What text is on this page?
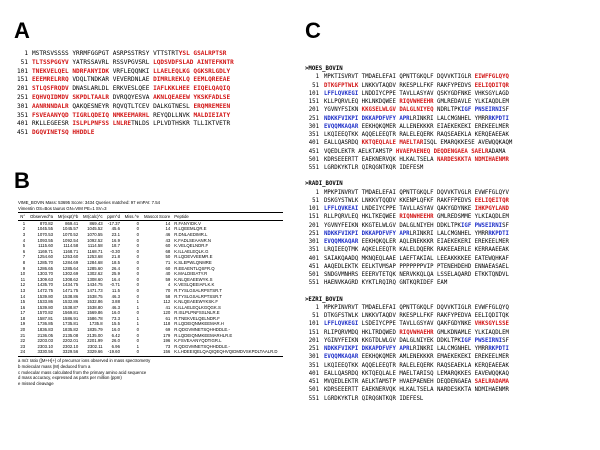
A
B
C
1 MSTRSVSSSS YRRMFGGPGT ASRPSSTRSY VTTSTRTYSL GSALRPTSR
51 TLTSSPGGYV YATRSSAVRL RSSVPGVSRL LQDSVDFSLAD AINTEFKNTR
101 TNEKVELQEL NDRFANYIDK VRFLEQQNKI LLAELEQLKG QGKSRLGDLY
151 EEEMRELRRQ VDQLTNDKAR VEVERDNLAE DIMRLREKLQ EEMLQREEAE
201 STLQSFRQDV DNASLARLDL ERKVESLQEE IAFLKKLHEE EIQELQAQIQ
251 EQHVQIDMDV SKPDLTAALR DVRQQYESVA AKNLQEAEEW YKSKFADLSE
301 AANRNNDALR QAKQESNEYR RQVQTLTCEV DALKGTNESL ERQMREMEEN
351 FSVEAANYQD TIGRLQDEIQ NMKEEMARHL REYQDLLNVK MALDIEIATY
401 RKLLEGEESR ISLPLPNFSS LNLRETNLDS LPLVDTHSKR TLLIKTVETR
451 DGQVINETSQ HHDDLE
VIME_BOVIN Mass: 53695 Score: 3434 Queries matched: 97 emPAI: 7.54
Vimentin OS=Bos taurus GN=VIM PE=1 SV=3
N°	Observed^a	Mr(expt)^b	Mr(calc)^c	ppm^d	Miss.^e	Mascot Score	Peptide
1	870.82	869.41	869.43	-17.37	0	14	R.FANYIDK.V
2	1045.55	1045.57	1045.52	45.6	0	14	R.LQEEMLQR.E
3	1070.53	1070.52	1070.55	23.1	0	46	R.DNLAEDIMR.L
4	1093.55	1092.54	1092.52	16.9	0	43	K.FADLSEAANR.N
5	1115.60	1114.58	1114.58	18.7	0	60	K.VELQELNDR.F
6	1169.71	1168.71	1168.71	-0.30	0	68	K.ILLAELEQLK.G
7	1254.60	1253.60	1253.68	21.8	0	50	R.LQDEVVEEMR.E
8	1285.70	1284.69	1284.68	18.5	0	71	K.SLEPWLQNMRE
9	1286.65	1285.64	1285.60	26.4	0	60	R.EEAENTLQSFR.Q
10	1303.70	1302.69	1302.62	25.9	0	40	K.MALDIEIATY.R
11	1309.63	1308.62	1308.60	16.4	0	59	K.NLQEAEEWYK.S
12	1435.70	1434.75	1434.75	-0.71	0	4	K.VESLQEEIAFLK.K
13	1472.75	1471.75	1471.73	11.5	0	70	R.TYSLGSALRPSTSR.T
14	1539.80	1538.86	1538.75	46.3	0	58	R.TYSLGSALRPTSSR.T
15	1533.86	1532.86	1532.86	3.88	1	112	K.NLQEAEEWYKSK.F
16	1539.80	1538.87	1538.80	46.3	1	41	K.ILLAELEQLKGQGK.S
17	1570.82	1569.81	1569.86	16.0	0	120	R.ISLPLPNFSSLNLR.E
18	1587.81	1586.91	1586.78	73.3	1	61	R.TNEKVELQELNDR.F
19	1736.85	1735.81	1735.8	15.5	1	118	R.LQDEIQNMKEEMAR.H
20	1836.83	1835.82	1835.79	16.0	0	69	R.QDGVMNETSQHHDDLE.-
21	2136.05	2135.08	2135.00	6.42	0	179	R.LQDEIQNMKEEMARHLR.E
22	2203.03	2202.01	2201.99	26.0	0	196	K.FSVEAANYQDTIGR.L
23	2303.10	2302.10	2302.11	6.96	1	73	R.QDGVMNETSQHHDDLE.-
24	3330.56	3329.56	3329.66	-19.60	0	156	K.LHDEEIQELQAQIQEQHVQIDMDVSKPDLTAALR.D
a m/z ratio ([M+H]+) of precursor ions observed in mass spectrometry
b molecular mass (M) deduced from a
c molecular mass calculated from the primary amino acid sequence
d mass accuracy, expressed as parts per million (ppm)
e missed cleavage
>MOES_BOVIN
1 MPKTISVRVT TMDAELEFAI QPNTTGKQLF DQVVKTIGLR EIWFFGLQYQ
51 DTKGFPTWLK LNKKVTAQDV RKESPLLFKF RAKFYPEDVS EELIQDITQR
101 LFFLQVKEGI LNDDIYCPPE TAVLLASYAV QSKYGDFNKE VHKSGYLAGD
151 KLLPQRVLEQ HKLNKDQWEE RIQVWHEEHR GMLREDAVLE YLKIAQDLEM
201 YGVNYFSIKN KKGSELWLGV DALGLNIYEQ NDRLTPKIGF PNSEIRNISF
251 NDKKFVIKPI DKKAPDFVFY APRLRINKRI LALCMGNHEL YMRRRKPDTI
301 EVQQMKAQAR EEKHQKQMER ALLENEKKKR EIAEKEKEKI EREKEELMER
351 LKQIEEQTKK AQQELEEQTR RALELEQERK RAQSEAEKLA KERQEAEEAK
401 EALLQASRDQ KKTQEQLALE MAELTARISQL EMARQKKESE AVEWQQKAQM
451 VQEDLEKTR AELKTAMSTP HVAEPAENEQ DEQDENGAEA SAELRADAMA
501 KDRSEEERTT EAEKNERVQK HLKALTSELA NARDESKKTA NDMIHAENMR
551 LGRDKYKTLR QIRQGNTKQR IDEFESM
>RADI_BOVIN
1 MPKPINVRVT TMDAELEFAI QPNTTGKQLF DQVVKTVGLR EVWFFGLQYV
51 DSKGYSTWLK LNKKVTQQDV KKENPLQFKF RAKFFPEDVS EELIQEITQR
101 LFFLQVKEAI LNDEIYCPPE TAVLLASYAV QAKYGDYNKE IHKPGYLAND
151 RLLPQRVLEQ HKLTKEQWEE RIQNWHEEHR GMLREDSMME YLKIAQDLEM
201 YGVNYFEIKN KKGTELWLGV DALGLNIYEH DDKLTPKIGF PWSEIRNISF
251 NDKKFVIKPI DKKAPDFVFY APRLRINKRI LALCMGNHEL YMRRRKPDTI
301 EVQQMKAQAR EEKHQKQLER AQLENEKKKR EIAEKEKERI EREKEELMER
351 LRQIEEQTMK AQKELEEQTR KALELDQERK RAKEEAERLE KERRAAEEAK
401 SAIAKQAADQ MKNQEQLAAE LAEFTAKIAL LEEAKKKKEE EATEWQHKAF
451 AAQEDLEKTK EELKTVMSAP PPPPPPPVIP PTENEHDEHD ENNAEASAEL
501 SNDGVMNHRS EEERVTETQK NERVKKQLQA LSSELAQARD ETKKTQNDVL
551 HAENVKAGRD KYKTLRQIRQ GNTKQRIDEF EAM
>EZRI_BOVIN
1 MPKPINVRVT TMDAELEFAI QPNTTGKQLF DQVVKTIGLR EVWFFGLQYQ
51 DTKGFSTWLK LNKKVTAQDV RKESPLLFKF RAKFYPEDVA EELIQDITQK
101 LFFLQVKEGI LSDEIYCPPE TAVLLGSYAV QAKFGDYNKE VHKSGYLSSE
151 RLIPQRVMDQ HKLTRDQWED RIQVWHAEHR GMLKDNAMLE YLKIAQDLEM
201 YGINYFEIKN KKGTDLWLGV DALGLNIYEK DDKLTPKIGF PWSEIRNISF
251 NDKKFVIKPI DKKAPDFVFY APRLRINKRI LALCMGNHEL YMRRRKPDTI
301 EVQQMKAQAR EEKHQKQMER AMLENEKKKR EMAEKEKEKI EREKEELMER
351 LKQIEEQTKK AQQELEEQTR RALELEQERK RAQSEAEKLA KERQEAEEAK
401 EALLQASRDQ KKTQEQLALE MAELTARISQ LEMARQKKES EAVEWQQKAQ
451 MVQEDLEKTR AELKTAMSTP HVAEPAENEH DEQDENGAEA SAELRADAMA
501 KDRSEEERTT EAEKNERVQK HLKALTSELA NARDESKKTA NDMIHAENMR
551 LGRDKYKTLR QIRQGNTKQR IDEFESL
